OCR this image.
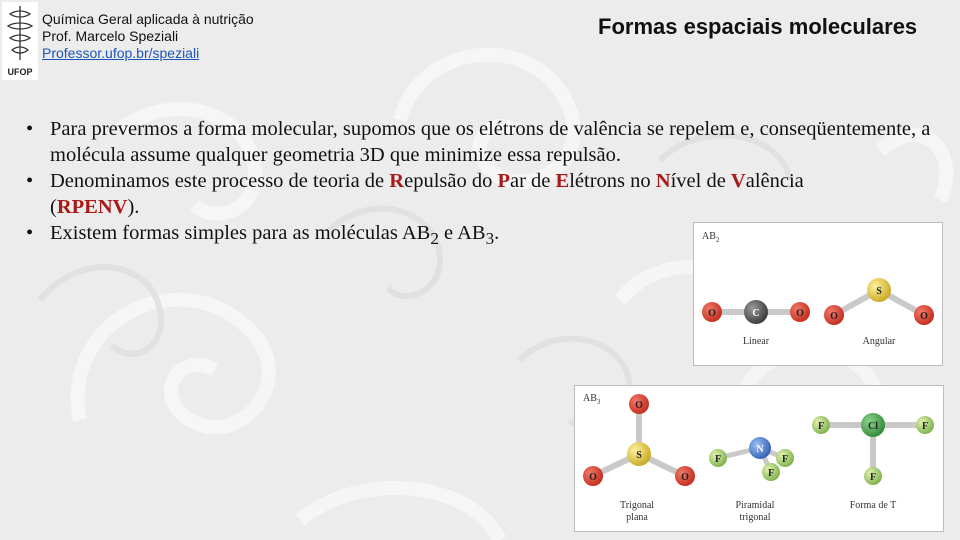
UFOP
Química Geral aplicada à nutrição
Prof. Marcelo Speziali
Professor.ufop.br/speziali
Formas espaciais moleculares
• Para prevermos a forma molecular, supomos que os elétrons de valência se repelem e, conseqüentemente, a molécula assume qualquer geometria 3D que minimize essa repulsão.
• Denominamos este processo de teoria de Repulsão do Par de Elétrons no Nível de Valência
(RPENV).
• Existem formas simples para as moléculas $AB_2$ e $AB_3$.	$AB_2$
O	C	O
Linear
O
S
O
Angular
$AB_3$	O
S
O	O
Trigonal
plana
N
F	F
F
Piramidal
trigonal
F	Cl	F
F
Forma de T
